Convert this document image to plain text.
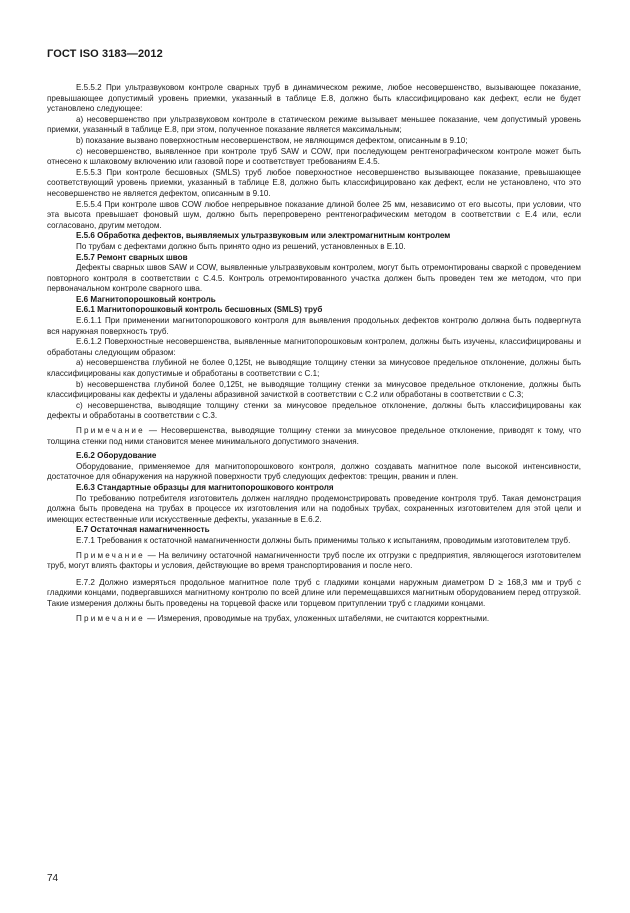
ГОСТ ISO 3183—2012

Е.5.5.2 При ультразвуковом контроле сварных труб в динамическом режиме, любое несовершенство, вызывающее показание, превышающее допустимый уровень приемки, указанный в таблице Е.8, должно быть классифицировано как дефект, если не будет установлено следующее:

a) несовершенство при ультразвуковом контроле в статическом режиме вызывает меньшее показание, чем допустимый уровень приемки, указанный в таблице Е.8, при этом, полученное показание является максимальным;

b) показание вызвано поверхностным несовершенством, не являющимся дефектом, описанным в 9.10;

c) несовершенство, выявленное при контроле труб SAW и COW, при последующем рентгенографическом контроле может быть отнесено к шлаковому включению или газовой поре и соответствует требованиям Е.4.5.

Е.5.5.3 При контроле бесшовных (SMLS) труб любое поверхностное несовершенство вызывающее показание, превышающее соответствующий уровень приемки, указанный в таблице Е.8, должно быть классифицировано как дефект, если не установлено, что это несовершенство не является дефектом, описанным в 9.10.

Е.5.5.4 При контроле швов COW любое непрерывное показание длиной более 25 мм, независимо от его высоты, при условии, что эта высота превышает фоновый шум, должно быть перепроверено рентгенографическим методом в соответствии с Е.4 или, если согласовано, другим методом.

Е.5.6 Обработка дефектов, выявляемых ультразвуковым или электромагнитным контролем

По трубам с дефектами должно быть принято одно из решений, установленных в Е.10.

Е.5.7 Ремонт сварных швов

Дефекты сварных швов SAW и COW, выявленные ультразвуковым контролем, могут быть отремонтированы сваркой с проведением повторного контроля в соответствии с С.4.5. Контроль отремонтированного участка должен быть проведен тем же методом, что при первоначальном контроле сварного шва.

Е.6 Магнитопорошковый контроль

Е.6.1 Магнитопорошковый контроль бесшовных (SMLS) труб

Е.6.1.1 При применении магнитопорошкового контроля для выявления продольных дефектов контролю должна быть подвергнута вся наружная поверхность труб.

Е.6.1.2 Поверхностные несовершенства, выявленные магнитопорошковым контролем, должны быть изучены, классифицированы и обработаны следующим образом:

a) несовершенства глубиной не более 0,125t, не выводящие толщину стенки за минусовое предельное отклонение, должны быть классифицированы как допустимые и обработаны в соответствии с С.1;

b) несовершенства глубиной более 0,125t, не выводящие толщину стенки за минусовое предельное отклонение, должны быть классифицированы как дефекты и удалены абразивной зачисткой в соответствии с С.2 или обработаны в соответствии с С.3;

c) несовершенства, выводящие толщину стенки за минусовое предельное отклонение, должны быть классифицированы как дефекты и обработаны в соответствии с С.3.

Примечание — Несовершенства, выводящие толщину стенки за минусовое предельное отклонение, приводят к тому, что толщина стенки под ними становится менее минимального допустимого значения.

Е.6.2 Оборудование

Оборудование, применяемое для магнитопорошкового контроля, должно создавать магнитное поле высокой интенсивности, достаточное для обнаружения на наружной поверхности труб следующих дефектов: трещин, рванин и плен.

Е.6.3 Стандартные образцы для магнитопорошкового контроля

По требованию потребителя изготовитель должен наглядно продемонстрировать проведение контроля труб. Такая демонстрация должна быть проведена на трубах в процессе их изготовления или на подобных трубах, сохраненных изготовителем для этой цели и имеющих естественные или искусственные дефекты, указанные в Е.6.2.

Е.7 Остаточная намагниченность

Е.7.1 Требования к остаточной намагниченности должны быть применимы только к испытаниям, проводимым изготовителем труб.

Примечание — На величину остаточной намагниченности труб после их отгрузки с предприятия, являющегося изготовителем труб, могут влиять факторы и условия, действующие во время транспортирования и после него.

Е.7.2 Должно измеряться продольное магнитное поле труб с гладкими концами наружным диаметром D ≥ 168,3 мм и труб с гладкими концами, подвергавшихся магнитному контролю по всей длине или перемещавшихся магнитным оборудованием перед отгрузкой. Такие измерения должны быть проведены на торцевой фаске или торцевом притуплении труб с гладкими концами.

Примечание — Измерения, проводимые на трубах, уложенных штабелями, не считаются корректными.

74
